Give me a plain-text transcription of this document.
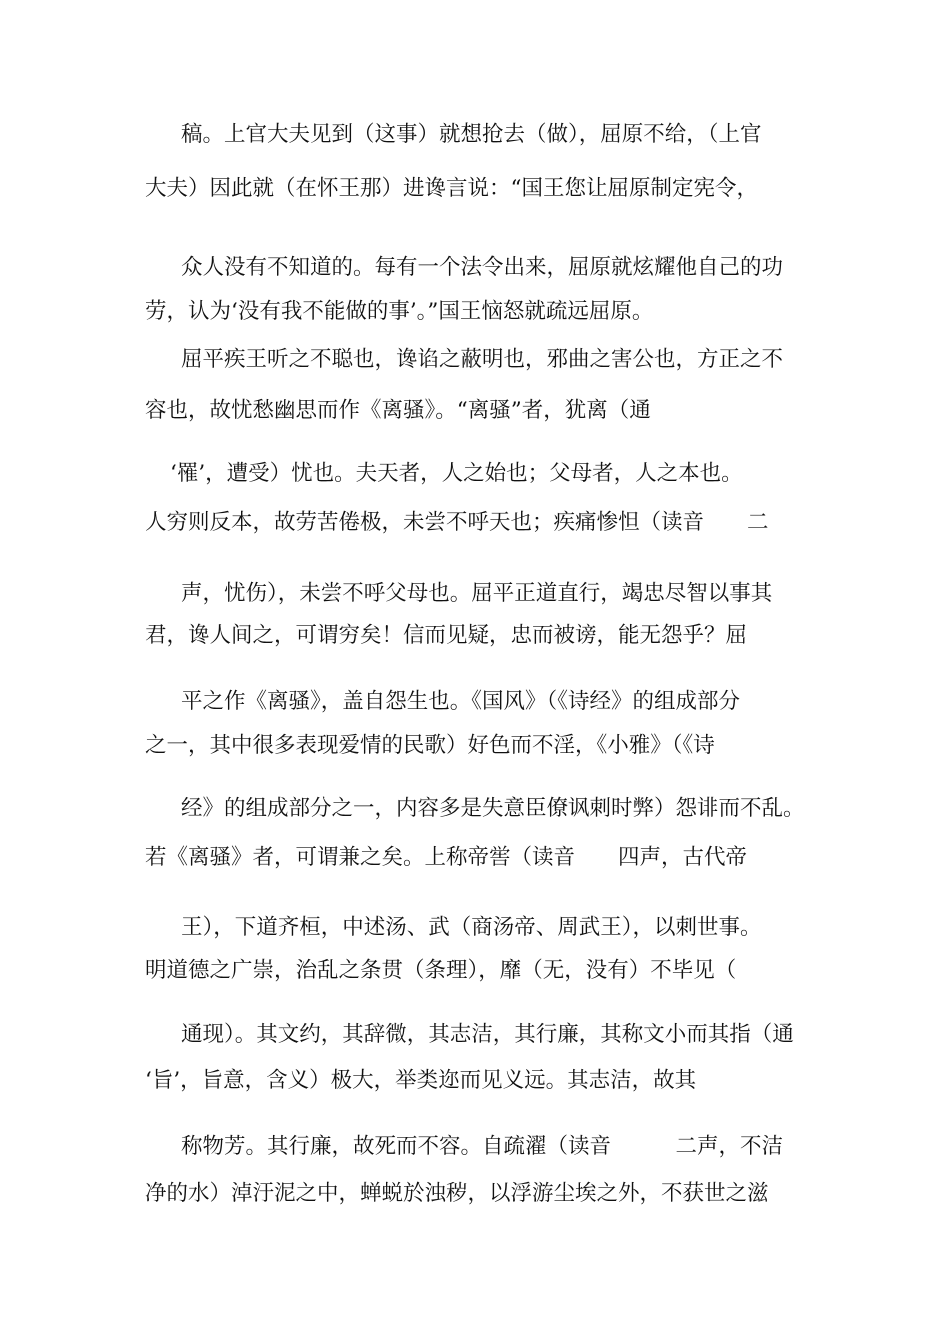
稿。上官大夫见到（这事）就想抢去（做），屈原不给，（上官
大夫）因此就（在怀王那）进谗言说：“国王您让屈原制定宪令，
众人没有不知道的。每有一个法令出来，屈原就炫耀他自己的功
劳，认为‘没有我不能做的事’。”国王恼怒就疏远屈原。
屈平疾王听之不聪也，谗谄之蔽明也，邪曲之害公也，方正之不
容也，故忧愁幽思而作《离骚》。“离骚”者，犹离（通
‘罹’，遭受）忧也。夫天者，人之始也；父母者，人之本也。
人穷则反本，故劳苦倦极，未尝不呼天也；疾痛惨怛（读音　　二
声，忧伤），未尝不呼父母也。屈平正道直行，竭忠尽智以事其
君，谗人间之，可谓穷矣！信而见疑，忠而被谤，能无怨乎？屈
平之作《离骚》，盖自怨生也。《国风》（《诗经》的组成部分
之一，其中很多表现爱情的民歌）好色而不淫，《小雅》（《诗
经》的组成部分之一，内容多是失意臣僚讽刺时弊）怨诽而不乱。
若《离骚》者，可谓兼之矣。上称帝喾（读音　　四声，古代帝
王），下道齐桓，中述汤、武（商汤帝、周武王），以刺世事。
明道德之广崇，治乱之条贯（条理），靡（无，没有）不毕见（
通现）。其文约，其辞微，其志洁，其行廉，其称文小而其指（通
‘旨’，旨意，含义）极大，举类迩而见义远。其志洁，故其
称物芳。其行廉，故死而不容。自疏濯（读音　　　二声，不洁
净的水）淖汙泥之中，蝉蜕於浊秽，以浮游尘埃之外，不获世之滋
